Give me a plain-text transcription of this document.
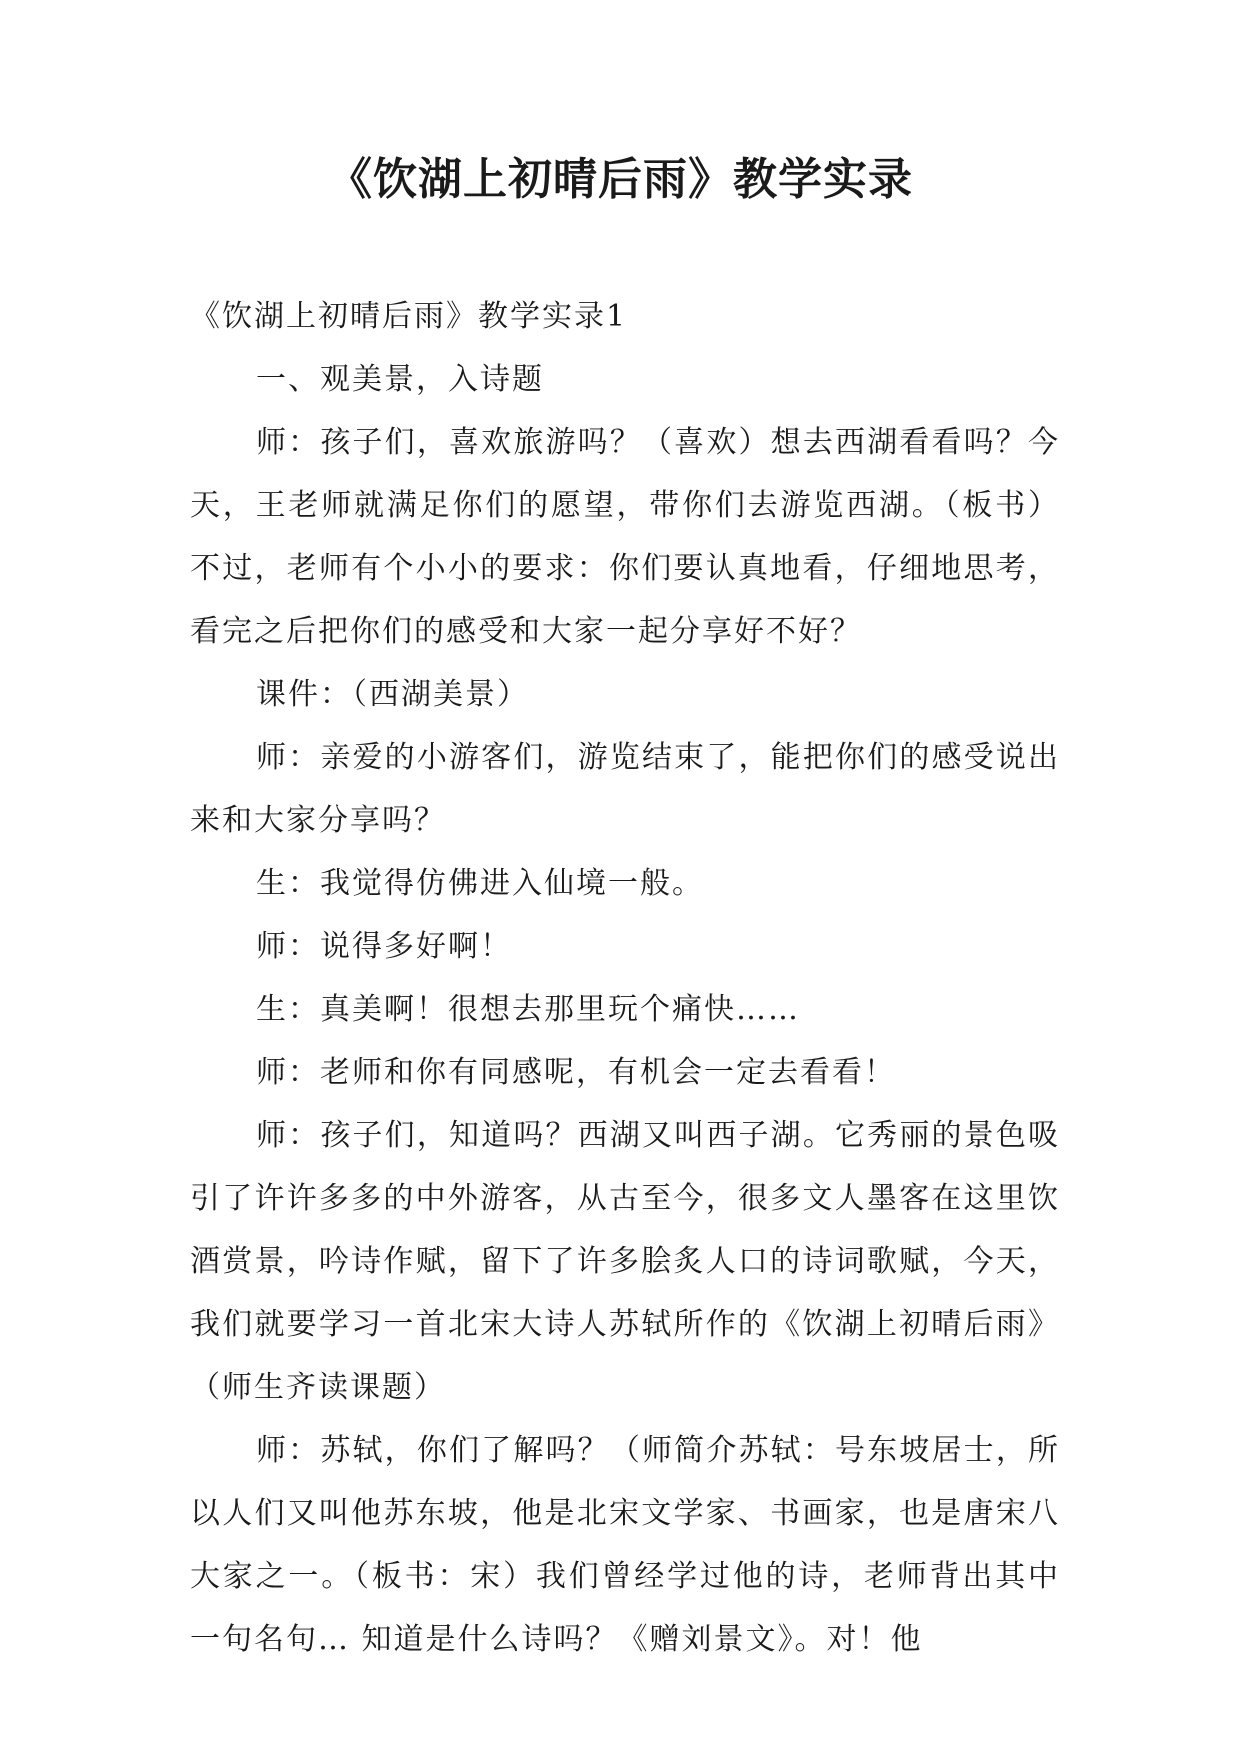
《饮湖上初晴后雨》教学实录

《饮湖上初晴后雨》教学实录1

一、观美景，入诗题

师：孩子们，喜欢旅游吗？（喜欢）想去西湖看看吗？今天，王老师就满足你们的愿望，带你们去游览西湖。（板书）不过，老师有个小小的要求：你们要认真地看，仔细地思考，看完之后把你们的感受和大家一起分享好不好？

课件：（西湖美景）

师：亲爱的小游客们，游览结束了，能把你们的感受说出来和大家分享吗？

生：我觉得仿佛进入仙境一般。

师：说得多好啊！

生：真美啊！很想去那里玩个痛快……

师：老师和你有同感呢，有机会一定去看看！

师：孩子们，知道吗？西湖又叫西子湖。它秀丽的景色吸引了许许多多的中外游客，从古至今，很多文人墨客在这里饮酒赏景，吟诗作赋，留下了许多脍炙人口的诗词歌赋，今天，我们就要学习一首北宋大诗人苏轼所作的《饮湖上初晴后雨》（师生齐读课题）

师：苏轼，你们了解吗？（师简介苏轼：号东坡居士，所以人们又叫他苏东坡，他是北宋文学家、书画家，也是唐宋八大家之一。（板书：宋）我们曾经学过他的诗，老师背出其中一句名句… 知道是什么诗吗？《赠刘景文》。对！他
